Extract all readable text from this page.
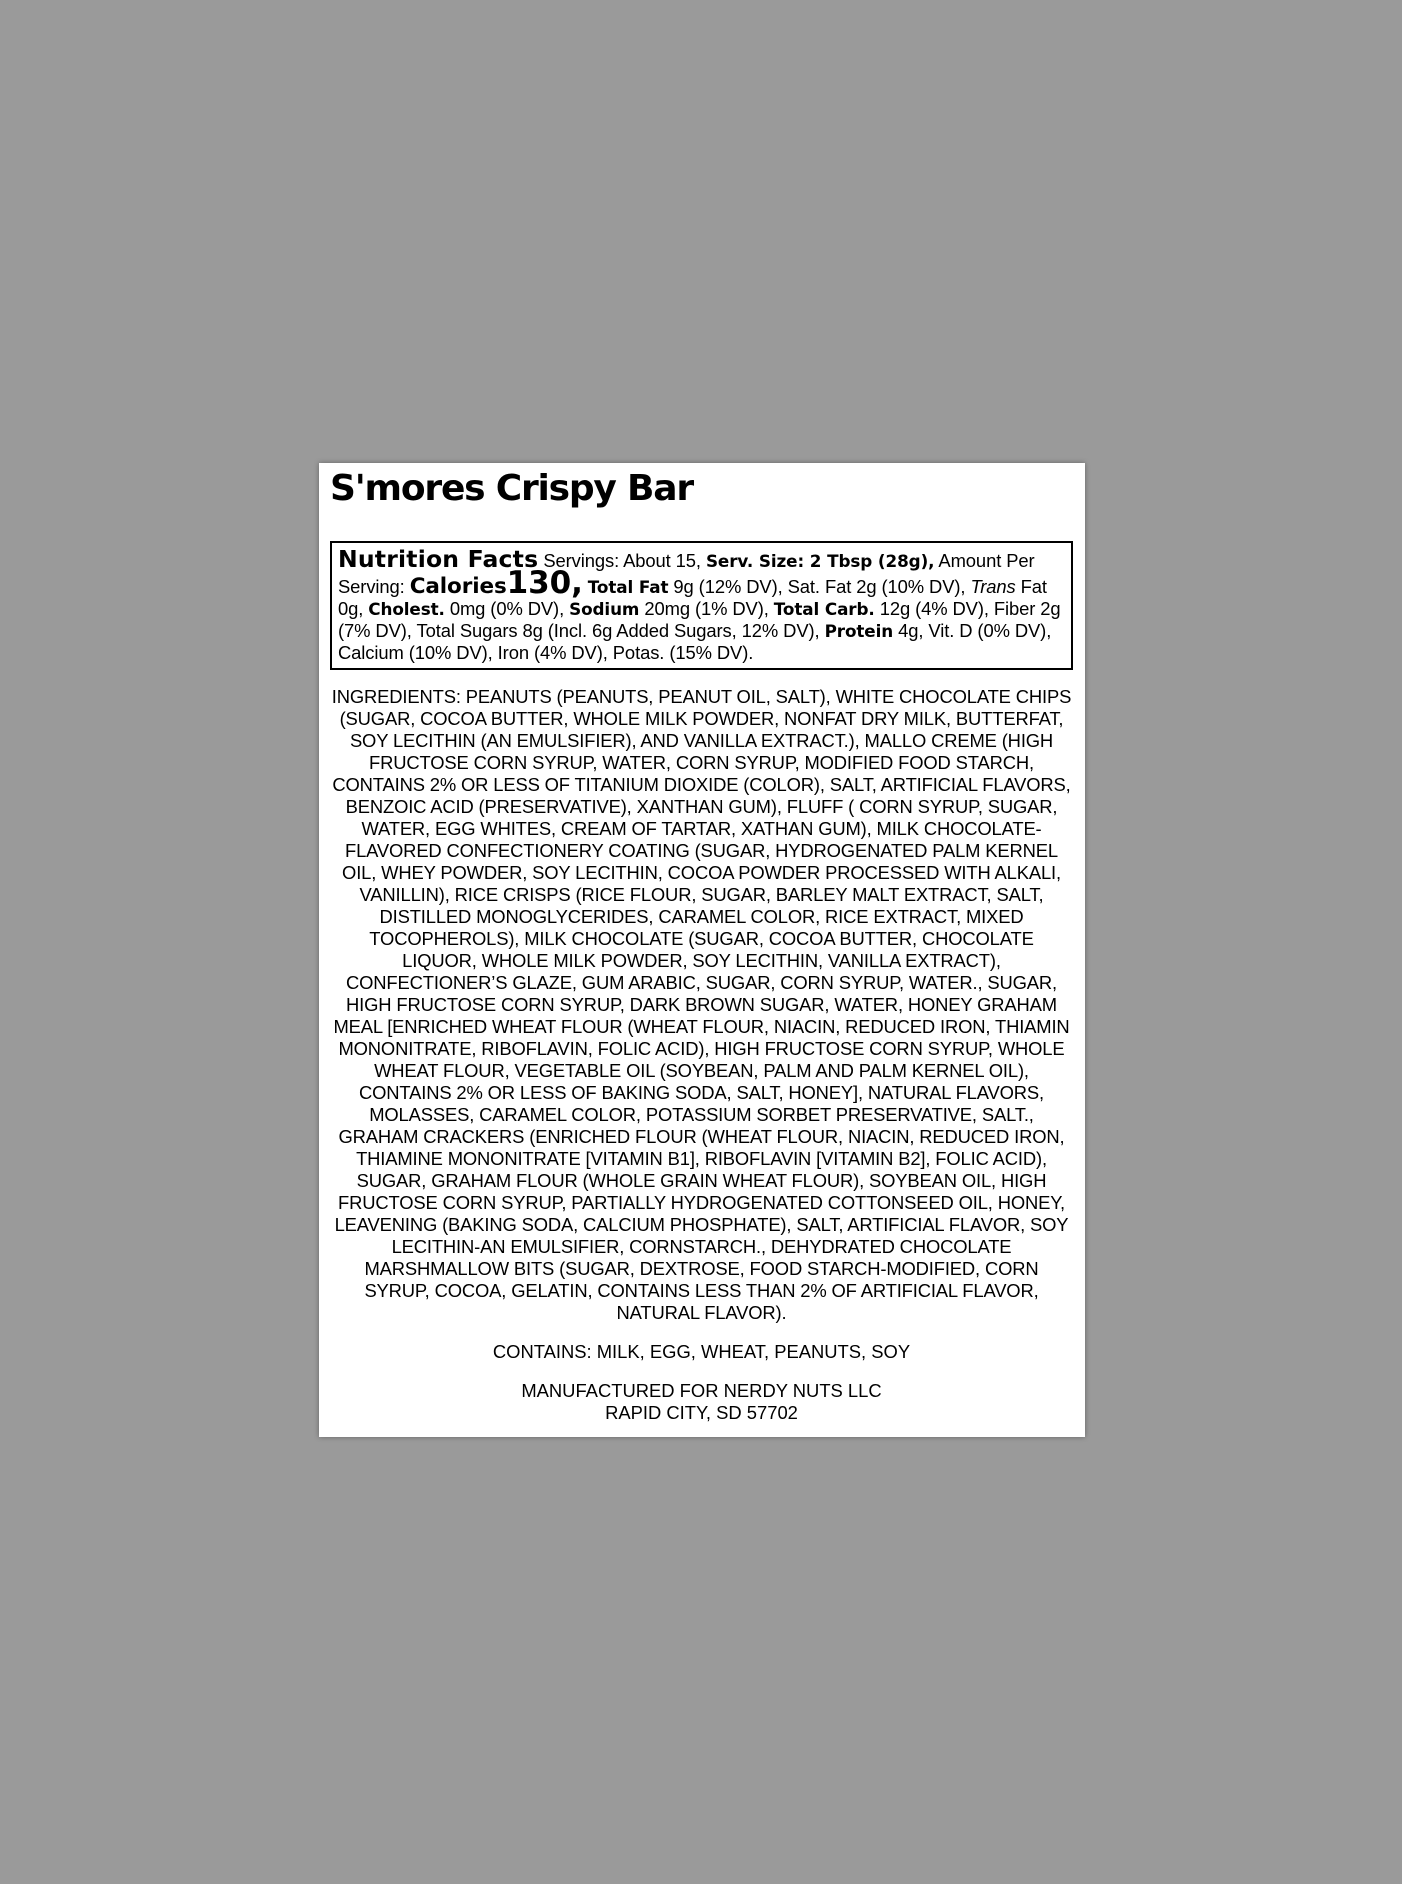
S'mores Crispy Bar
Nutrition Facts Servings: About 15, Serv. Size: 2 Tbsp (28g), Amount Per Serving: Calories130, Total Fat 9g (12% DV), Sat. Fat 2g (10% DV), Trans Fat 0g, Cholest. 0mg (0% DV), Sodium 20mg (1% DV), Total Carb. 12g (4% DV), Fiber 2g (7% DV), Total Sugars 8g (Incl. 6g Added Sugars, 12% DV), Protein 4g, Vit. D (0% DV), Calcium (10% DV), Iron (4% DV), Potas. (15% DV).
INGREDIENTS: PEANUTS (PEANUTS, PEANUT OIL, SALT), WHITE CHOCOLATE CHIPS (SUGAR, COCOA BUTTER, WHOLE MILK POWDER, NONFAT DRY MILK, BUTTERFAT, SOY LECITHIN (AN EMULSIFIER), AND VANILLA EXTRACT.), MALLO CREME (HIGH FRUCTOSE CORN SYRUP, WATER, CORN SYRUP, MODIFIED FOOD STARCH, CONTAINS 2% OR LESS OF TITANIUM DIOXIDE (COLOR), SALT, ARTIFICIAL FLAVORS, BENZOIC ACID (PRESERVATIVE), XANTHAN GUM), FLUFF ( CORN SYRUP, SUGAR, WATER, EGG WHITES, CREAM OF TARTAR, XATHAN GUM), MILK CHOCOLATE-FLAVORED CONFECTIONERY COATING (SUGAR, HYDROGENATED PALM KERNEL OIL, WHEY POWDER, SOY LECITHIN, COCOA POWDER PROCESSED WITH ALKALI, VANILLIN), RICE CRISPS (RICE FLOUR, SUGAR, BARLEY MALT EXTRACT, SALT, DISTILLED MONOGLYCERIDES, CARAMEL COLOR, RICE EXTRACT, MIXED TOCOPHEROLS), MILK CHOCOLATE (SUGAR, COCOA BUTTER, CHOCOLATE LIQUOR, WHOLE MILK POWDER, SOY LECITHIN, VANILLA EXTRACT), CONFECTIONER’S GLAZE, GUM ARABIC, SUGAR, CORN SYRUP, WATER., SUGAR, HIGH FRUCTOSE CORN SYRUP, DARK BROWN SUGAR, WATER, HONEY GRAHAM MEAL [ENRICHED WHEAT FLOUR (WHEAT FLOUR, NIACIN, REDUCED IRON, THIAMIN MONONITRATE, RIBOFLAVIN, FOLIC ACID), HIGH FRUCTOSE CORN SYRUP, WHOLE WHEAT FLOUR, VEGETABLE OIL (SOYBEAN, PALM AND PALM KERNEL OIL), CONTAINS 2% OR LESS OF BAKING SODA, SALT, HONEY], NATURAL FLAVORS, MOLASSES, CARAMEL COLOR, POTASSIUM SORBET PRESERVATIVE, SALT., GRAHAM CRACKERS (ENRICHED FLOUR (WHEAT FLOUR, NIACIN, REDUCED IRON, THIAMINE MONONITRATE [VITAMIN B1], RIBOFLAVIN [VITAMIN B2], FOLIC ACID), SUGAR, GRAHAM FLOUR (WHOLE GRAIN WHEAT FLOUR), SOYBEAN OIL, HIGH FRUCTOSE CORN SYRUP, PARTIALLY HYDROGENATED COTTONSEED OIL, HONEY, LEAVENING (BAKING SODA, CALCIUM PHOSPHATE), SALT, ARTIFICIAL FLAVOR, SOY LECITHIN-AN EMULSIFIER, CORNSTARCH., DEHYDRATED CHOCOLATE MARSHMALLOW BITS (SUGAR, DEXTROSE, FOOD STARCH-MODIFIED, CORN SYRUP, COCOA, GELATIN, CONTAINS LESS THAN 2% OF ARTIFICIAL FLAVOR, NATURAL FLAVOR).
CONTAINS: MILK, EGG, WHEAT, PEANUTS, SOY
MANUFACTURED FOR NERDY NUTS LLC
RAPID CITY, SD 57702
